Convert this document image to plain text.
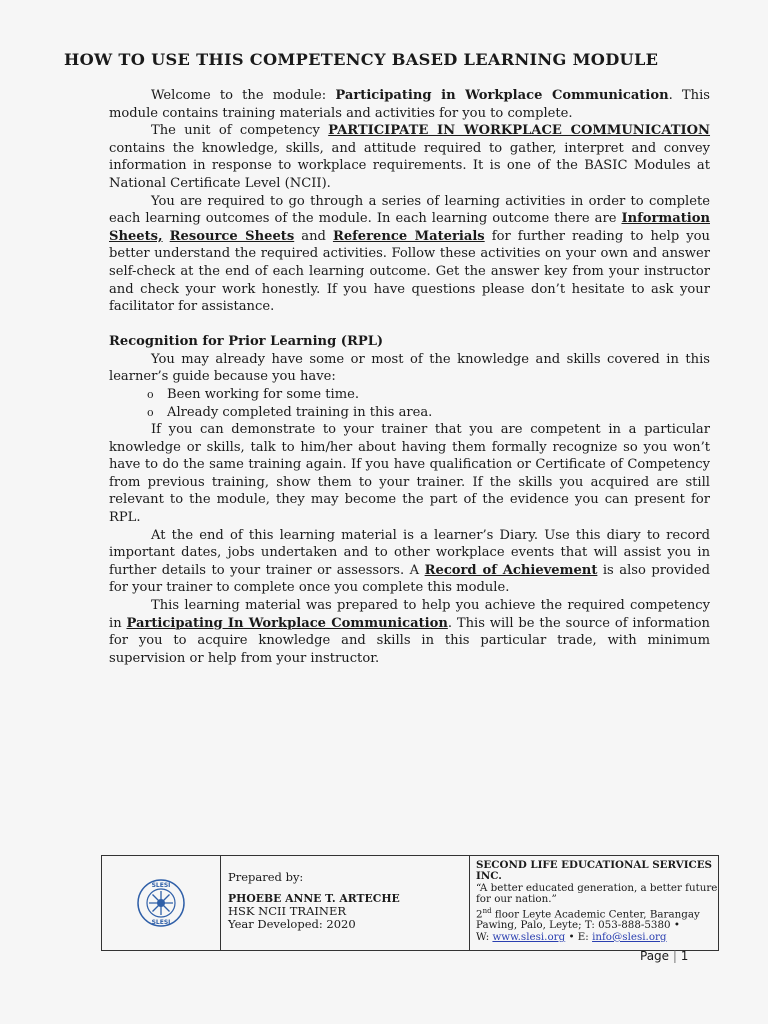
HOW TO USE THIS COMPETENCY BASED LEARNING MODULE

Welcome to the module: Participating in Workplace Communication. This module contains training materials and activities for you to complete.

The unit of competency PARTICIPATE IN WORKPLACE COMMUNICATION contains the knowledge, skills, and attitude required to gather, interpret and convey information in response to workplace requirements. It is one of the BASIC Modules at National Certificate Level (NCII).

You are required to go through a series of learning activities in order to complete each learning outcomes of the module. In each learning outcome there are Information Sheets, Resource Sheets and Reference Materials for further reading to help you better understand the required activities. Follow these activities on your own and answer self-check at the end of each learning outcome. Get the answer key from your instructor and check your work honestly. If you have questions please don’t hesitate to ask your facilitator for assistance.

Recognition for Prior Learning (RPL)

You may already have some or most of the knowledge and skills covered in this learner’s guide because you have:

o Been working for some time.
o Already completed training in this area.

If you can demonstrate to your trainer that you are competent in a particular knowledge or skills, talk to him/her about having them formally recognize so you won’t have to do the same training again. If you have qualification or Certificate of Competency from previous training, show them to your trainer. If the skills you acquired are still relevant to the module, they may become the part of the evidence you can present for RPL.

At the end of this learning material is a learner’s Diary. Use this diary to record important dates, jobs undertaken and to other workplace events that will assist you in further details to your trainer or assessors. A Record of Achievement is also provided for your trainer to complete once you complete this module.

This learning material was prepared to help you achieve the required competency in Participating In Workplace Communication. This will be the source of information for you to acquire knowledge and skills in this particular trade, with minimum supervision or help from your instructor.

SLESI
SLESI
Prepared by:
PHOEBE ANNE T. ARTECHE
HSK NCII TRAINER
Year Developed: 2020
SECOND LIFE EDUCATIONAL SERVICES INC.
“A better educated generation, a better future for our nation.”
2nd floor Leyte Academic Center, Barangay Pawing, Palo, Leyte; T: 053-888-5380 •
W: www.slesi.org • E: info@slesi.org
Page | 1
